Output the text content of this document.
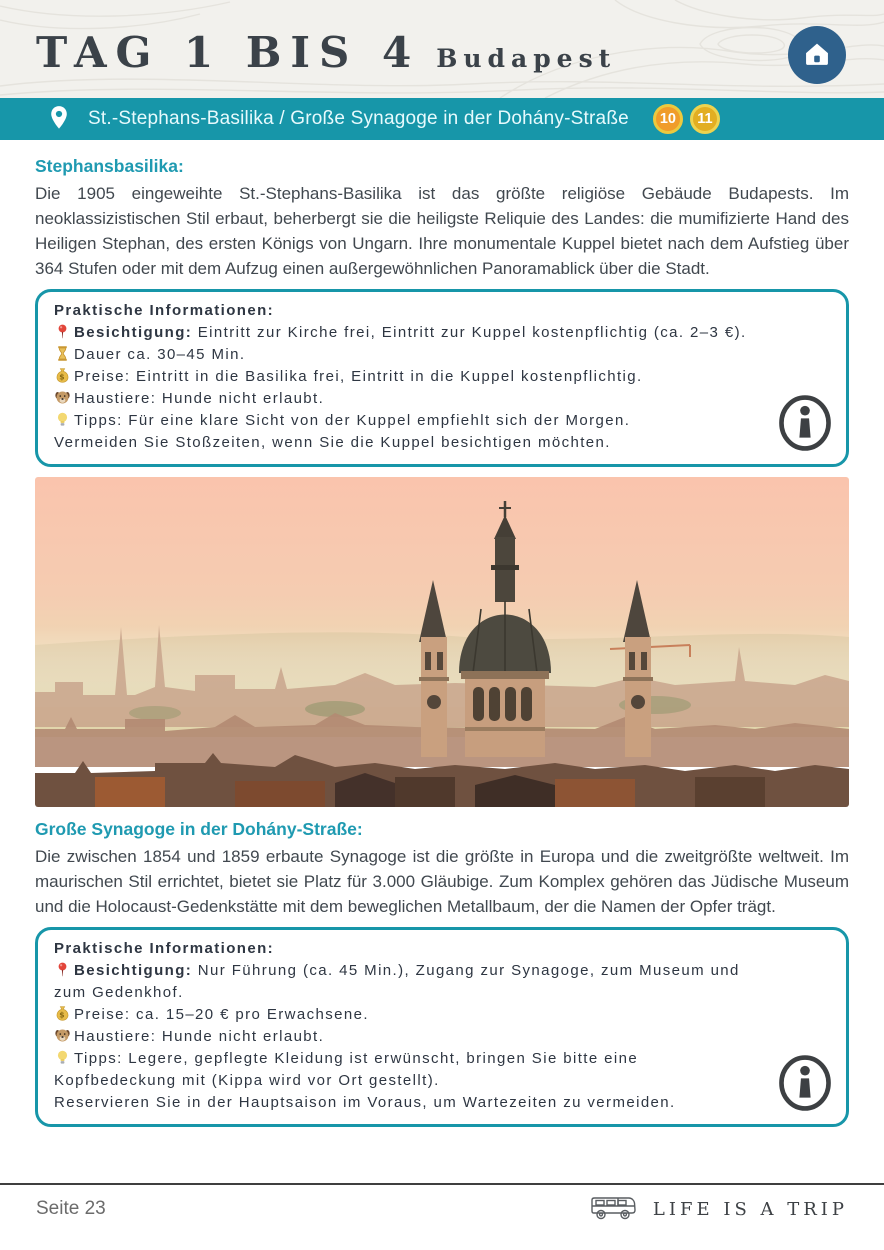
TAG 1 BIS 4 Budapest
St.-Stephans-Basilika / Große Synagoge in der Dohány-Straße	10	11
Stephansbasilika:

Die 1905 eingeweihte St.-Stephans-Basilika ist das größte religiöse Gebäude Budapests. Im neoklassizistischen Stil erbaut, beherbergt sie die heiligste Reliquie des Landes: die mumifizierte Hand des Heiligen Stephan, des ersten Königs von Ungarn. Ihre monumentale Kuppel bietet nach dem Aufstieg über 364 Stufen oder mit dem Aufzug einen außergewöhnlichen Panoramablick über die Stadt.

Praktische Informationen:
Besichtigung: Eintritt zur Kirche frei, Eintritt zur Kuppel kostenpflichtig (ca. 2–3 €).
Dauer ca. 30–45 Min.
$ Preise: Eintritt in die Basilika frei, Eintritt in die Kuppel kostenpflichtig.
Haustiere: Hunde nicht erlaubt.
Tipps: Für eine klare Sicht von der Kuppel empfiehlt sich der Morgen.
Vermeiden Sie Stoßzeiten, wenn Sie die Kuppel besichtigen möchten.
Große Synagoge in der Dohány-Straße:

Die zwischen 1854 und 1859 erbaute Synagoge ist die größte in Europa und die zweitgrößte weltweit. Im maurischen Stil errichtet, bietet sie Platz für 3.000 Gläubige. Zum Komplex gehören das Jüdische Museum und die Holocaust-Gedenkstätte mit dem beweglichen Metallbaum, der die Namen der Opfer trägt.

Praktische Informationen:
Besichtigung: Nur Führung (ca. 45 Min.), Zugang zur Synagoge, zum Museum und zum Gedenkhof.
$ Preise: ca. 15–20 € pro Erwachsene.
Haustiere: Hunde nicht erlaubt.
Tipps: Legere, gepflegte Kleidung ist erwünscht, bringen Sie bitte eine Kopfbedeckung mit (Kippa wird vor Ort gestellt).
Reservieren Sie in der Hauptsaison im Voraus, um Wartezeiten zu vermeiden.
Seite 23	LIFE IS A TRIP
